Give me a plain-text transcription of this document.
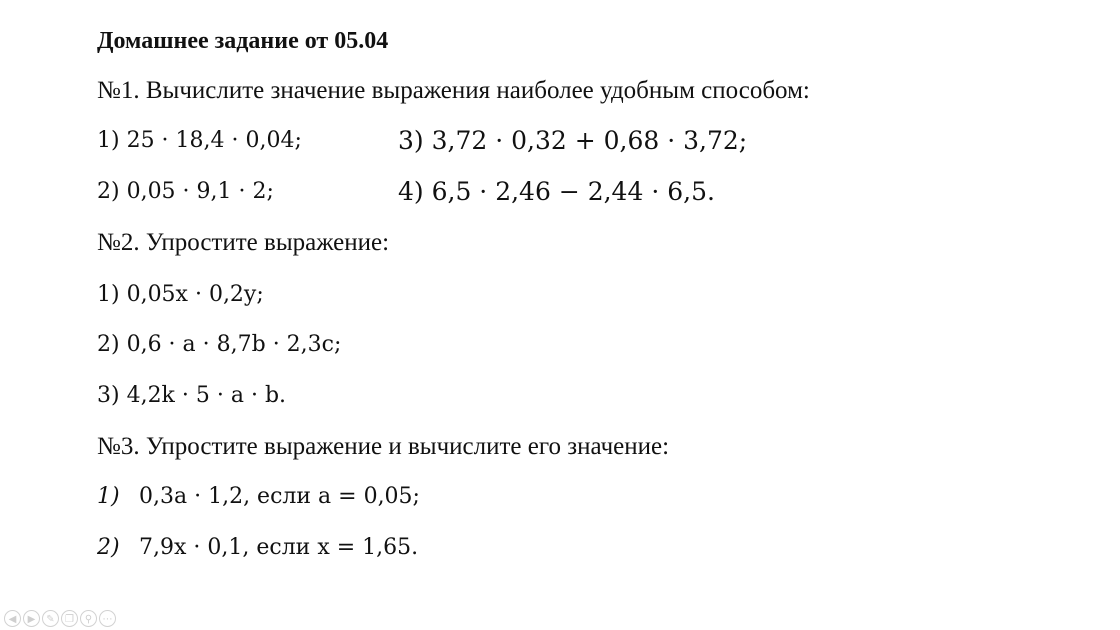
Домашнее задание от 05.04
№1. Вычислите значение выражения наиболее удобным способом:
1) 25 · 18,4 · 0,04;	3) 3,72 · 0,32 + 0,68 · 3,72;
2) 0,05 · 9,1 · 2;	4) 6,5 · 2,46 − 2,44 · 6,5.
№2. Упростите выражение:
1) 0,05x · 0,2y;
2) 0,6 · a · 8,7b · 2,3c;
3) 4,2k · 5 · a · b.
№3. Упростите выражение и вычислите его значение:
1) 0,3a · 1,2, если a = 0,05;
2) 7,9x · 0,1, если x = 1,65.
◀	▶	✎	❐	⚲	⋯
